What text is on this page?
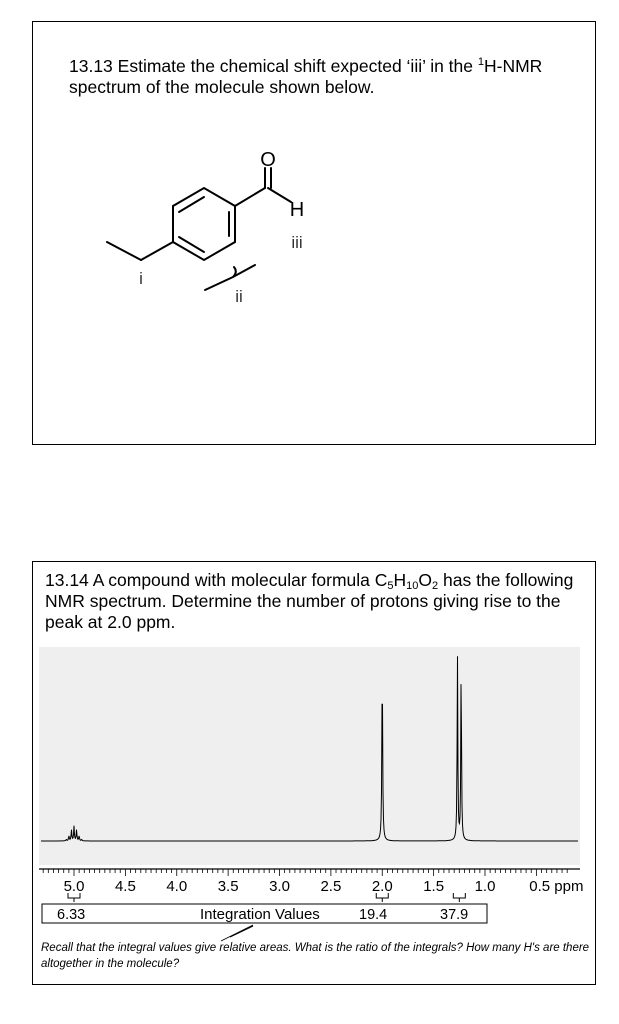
13.13 Estimate the chemical shift expected ‘iii’ in the $^1$H-NMR spectrum of the molecule shown below.
O
H
i
ii
iii
13.14 A compound with molecular formula $C_5H_{10}O_2$ has the following NMR spectrum. Determine the number of protons giving rise to the peak at 2.0 ppm.
5.0 4.5 4.0 3.5 3.0 2.5 2.0 1.5 1.0 0.5 ppm
6.33	Integration Values	19.4	37.9
Recall that the integral values give relative areas. What is the ratio of the integrals? How many H's are there altogether in the molecule?
